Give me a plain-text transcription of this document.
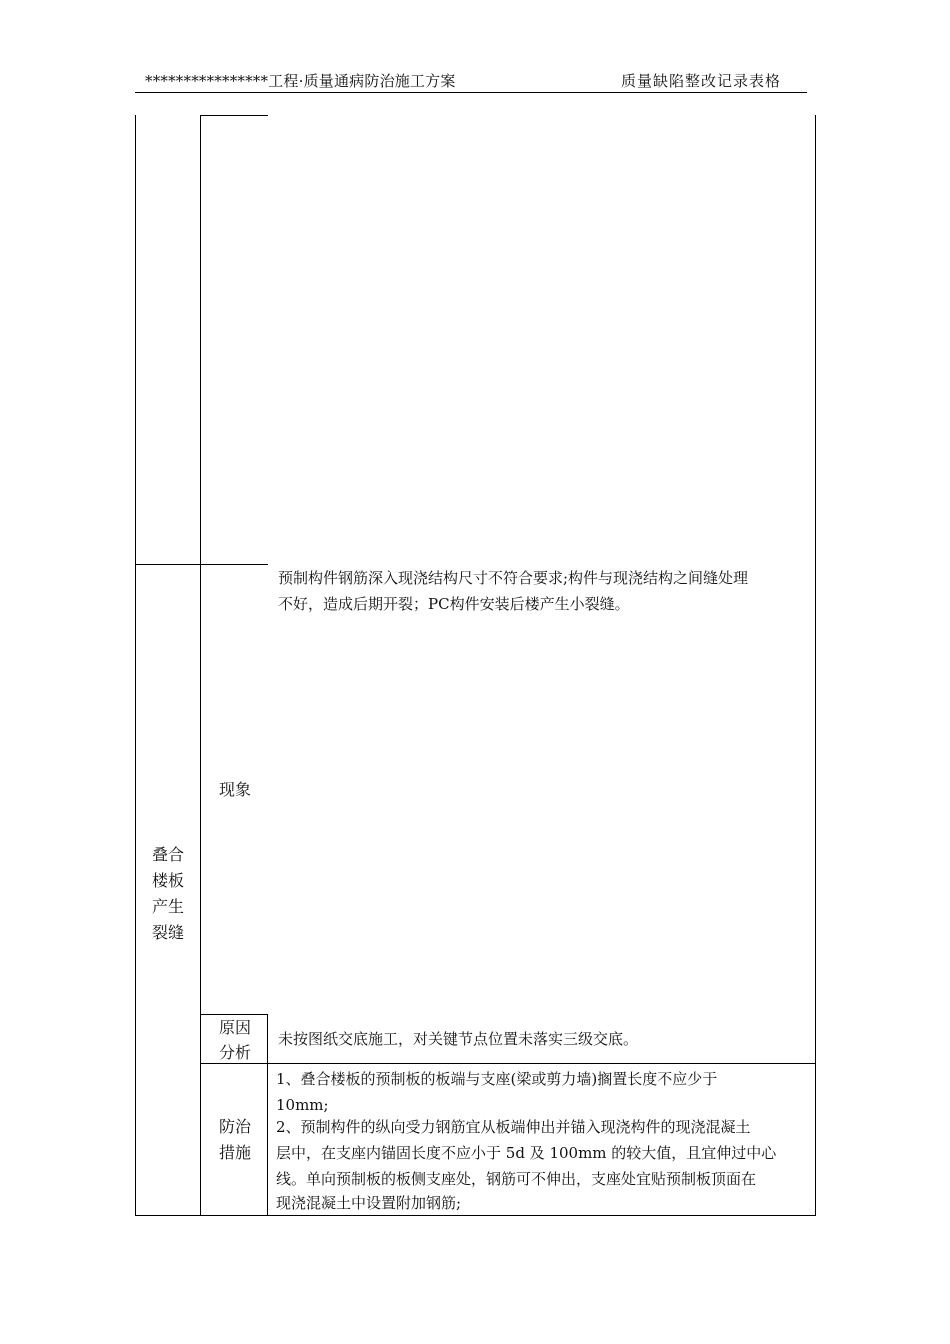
****************工程·质量通病防治施工方案	质量缺陷整改记录表格
叠合
楼板
产生
裂缝
现象
预制构件钢筋深入现浇结构尺寸不符合要求;构件与现浇结构之间缝处理
不好，造成后期开裂；PC构件安装后楼产生小裂缝。
原因
分析
未按图纸交底施工，对关键节点位置未落实三级交底。
防治
措施
1、叠合楼板的预制板的板端与支座(梁或剪力墙)搁置长度不应少于
10mm;
2、预制构件的纵向受力钢筋宜从板端伸出并锚入现浇构件的现浇混凝土
层中，在支座内锚固长度不应小于 5d 及 100mm 的较大值，且宜伸过中心
线。单向预制板的板侧支座处，钢筋可不伸出，支座处宜贴预制板顶面在
现浇混凝土中设置附加钢筋;
